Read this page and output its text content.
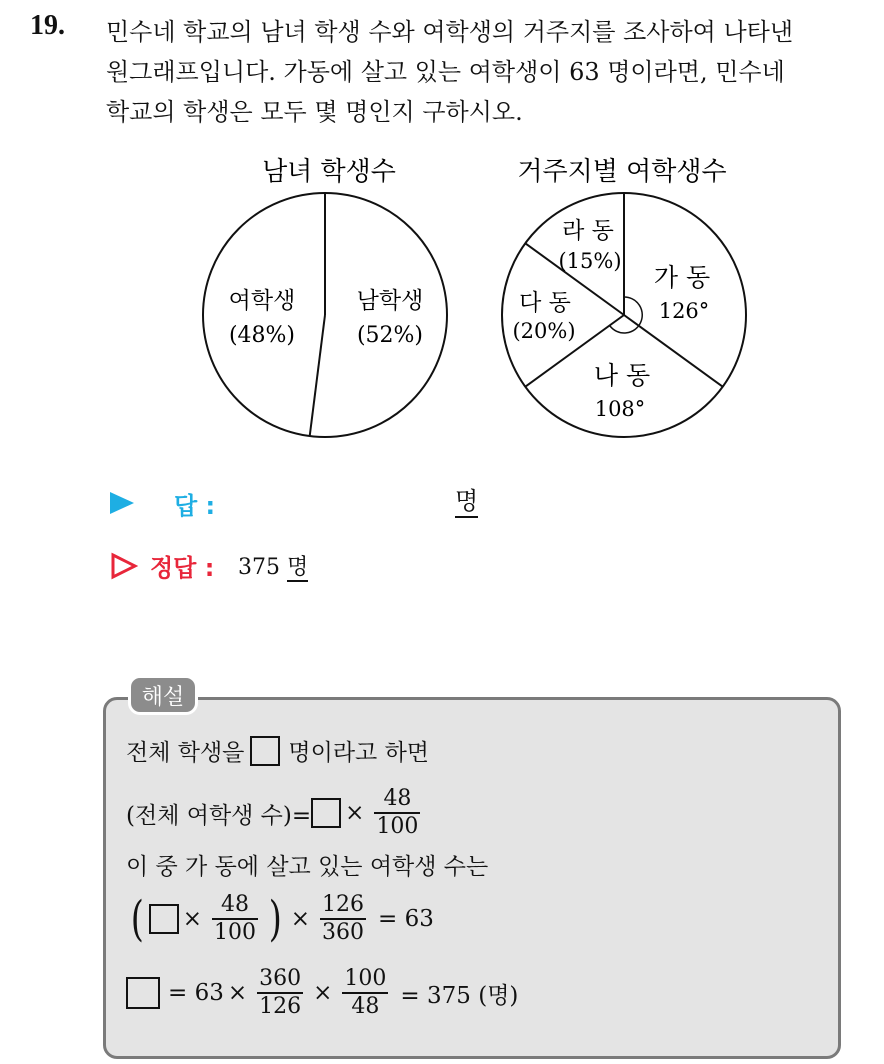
19. 민수네 학교의 남녀 학생 수와 여학생의 거주지를 조사하여 나타낸
원그래프입니다. 가동에 살고 있는 여학생이 63 명이라면, 민수네
학교의 학생은 모두 몇 명인지 구하시오.
남녀 학생수
여학생
(48%)
남학생
(52%)
거주지별 여학생수
라 동
(15%)
가 동
126°
다 동
(20%)
나 동
108°
답 :	명
정답 : 375 명
해설
전체 학생을 명이라고 하면
(전체 여학생 수)= × $\frac{48}{100}$
이 중 가 동에 살고 있는 여학생 수는
( × $\frac{48}{100}$ ) × $\frac{126}{360} = 63$
= $63 \times \frac{360}{126} \times \frac{100}{48} = 375$ (명)
